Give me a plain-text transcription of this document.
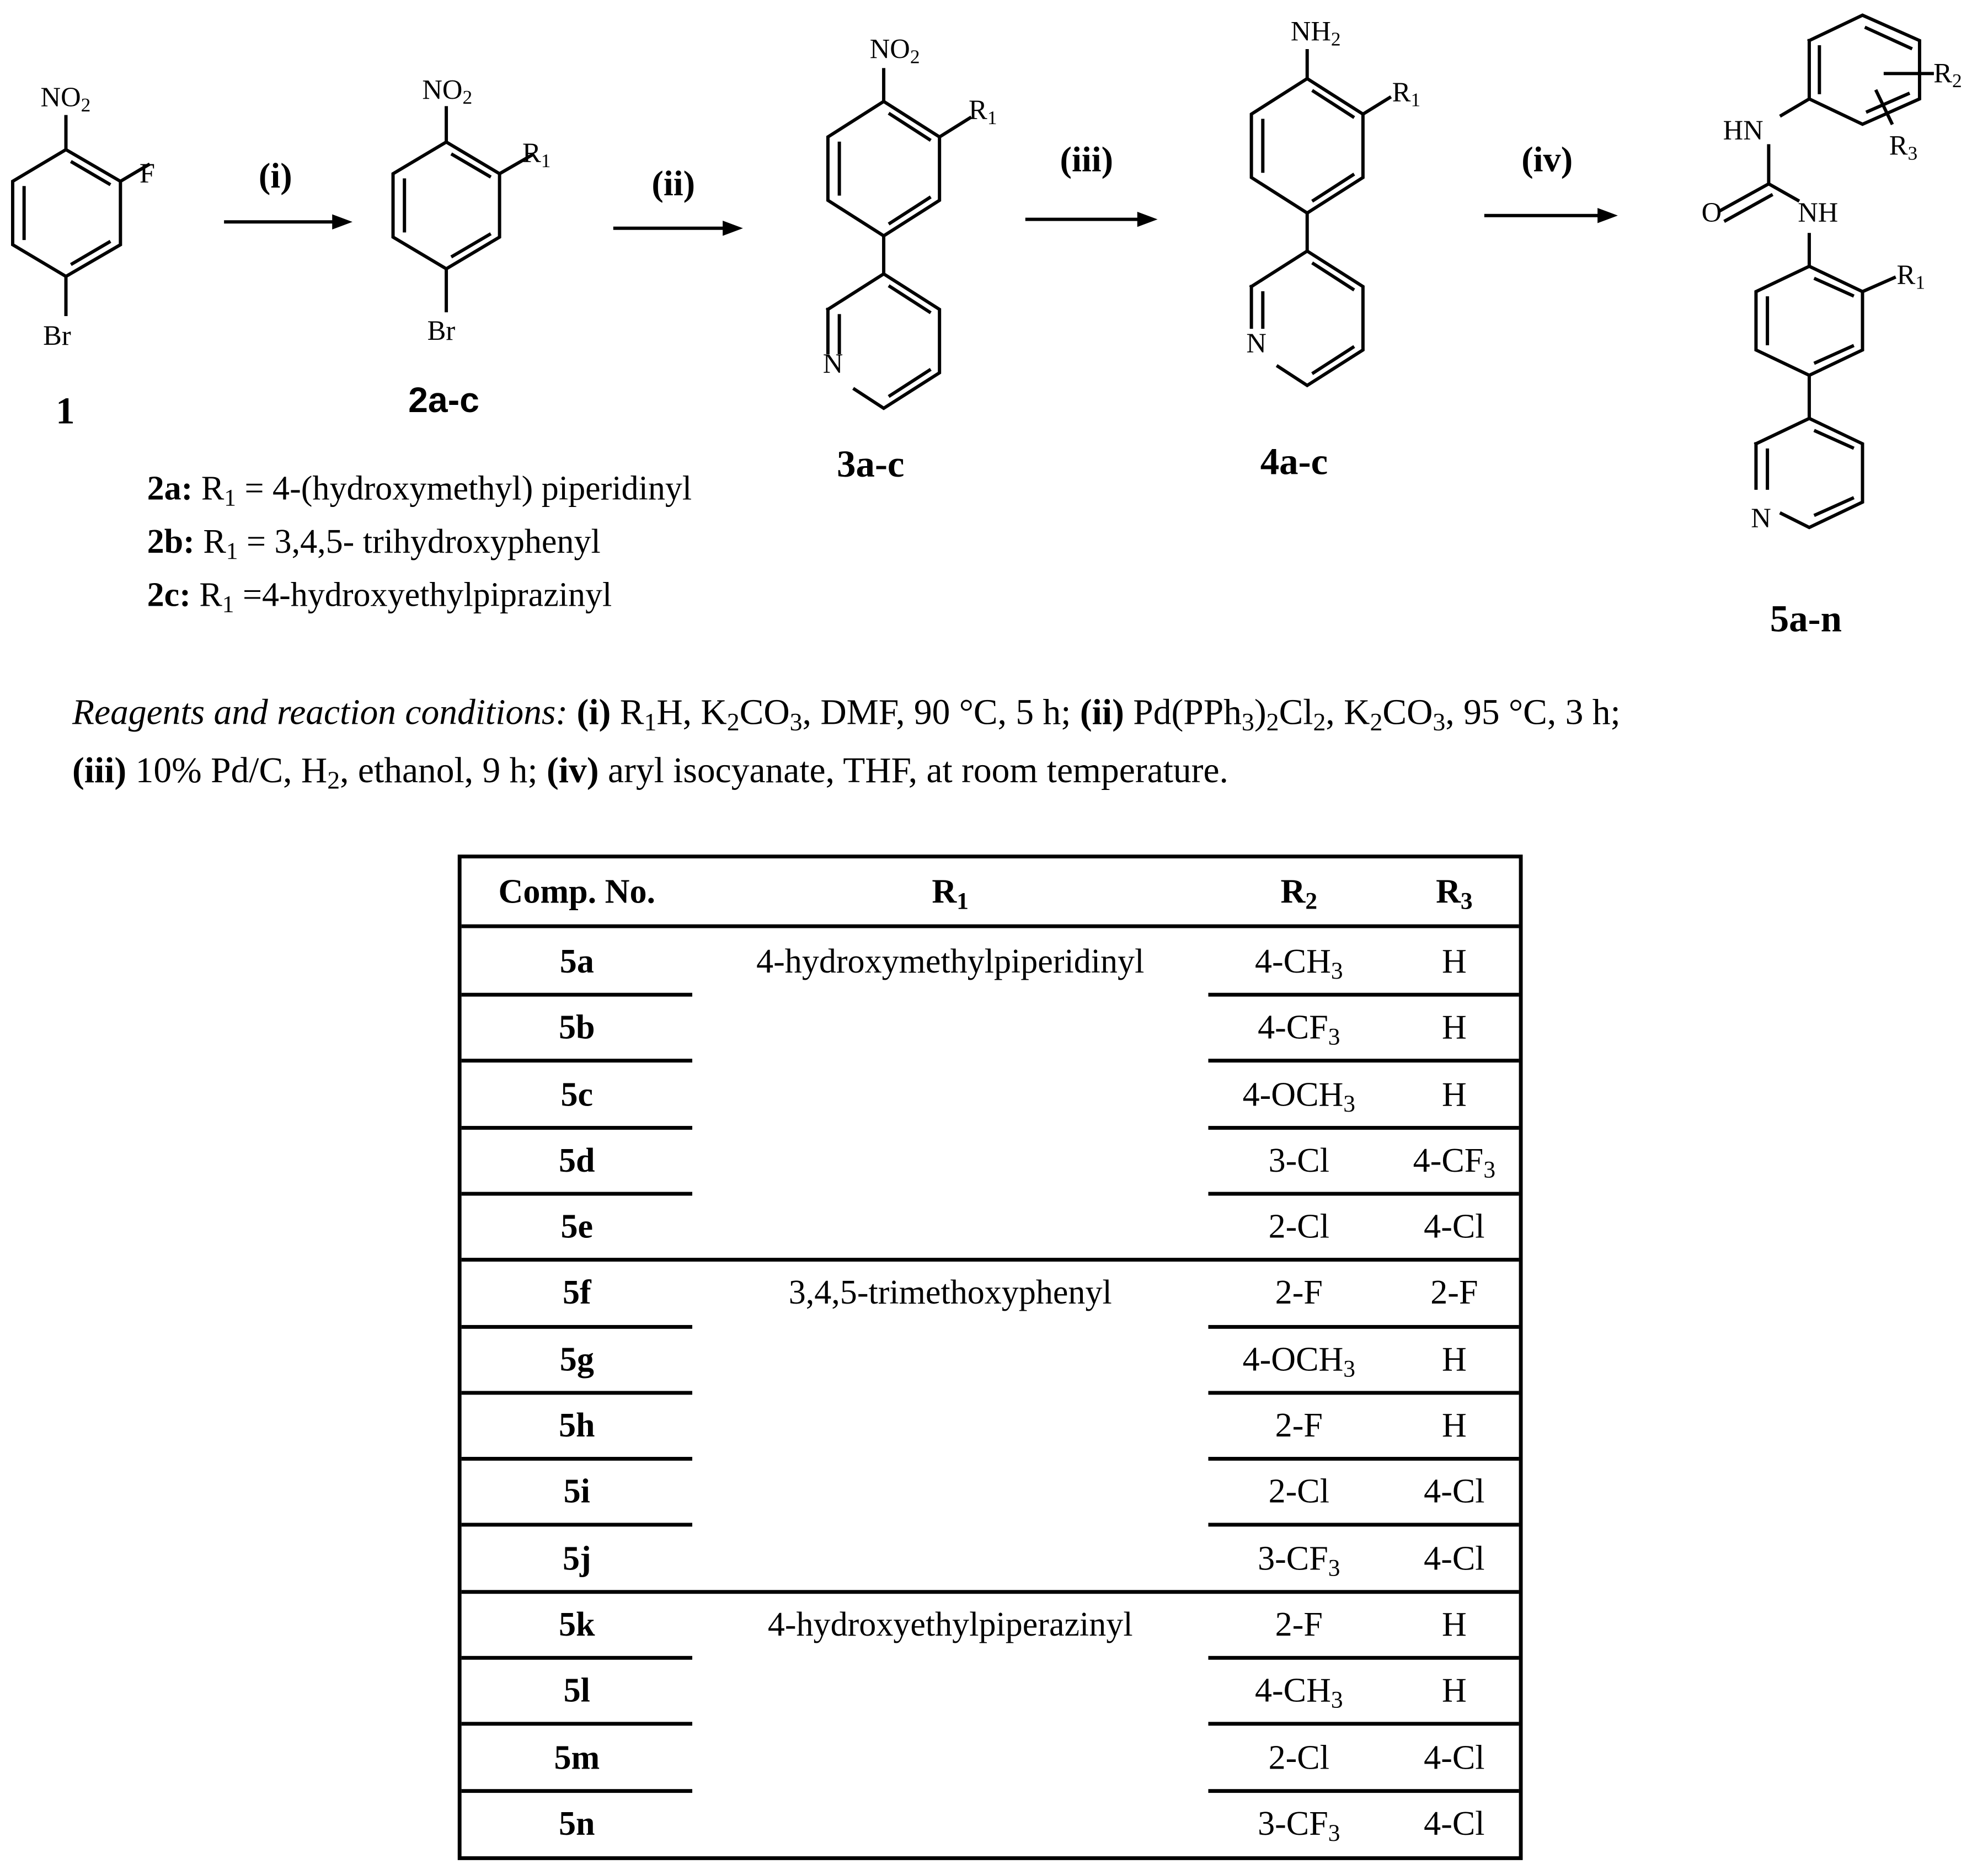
$NO_2$
F
Br
1
(i)
$NO_2$
$R_1$
Br
2a-c
(ii)
$NO_2$
$R_1$
N
3a-c
(iii)
$NH_2$
$R_1$
N
4a-c
(iv)
$R_2$
$R_3$
HN
O	NH
$R_1$
N
5a-n
2a: $R_1$ = 4-(hydroxymethyl) piperidinyl
2b: $R_1 = 3,4,5-$ trihydroxyphenyl
2c: $R_1$ =4-hydroxyethylpiprazinyl
Reagents and reaction conditions: (i) $R_1H$, $K_2CO_3$, DMF, 90 °C, 5 h; (ii) $Pd(PPh_3)_2Cl_2$, $K_2CO_3$, 95 °C, 3 h;
(iii) 10% Pd/C, $H_2$, ethanol, 9 h; (iv) aryl isocyanate, THF, at room temperature.
Comp. No.	$R_1$	$R_2$	$R_3$
5a	4-hydroxymethylpiperidinyl	$4-CH_3$	H
5b	$4-CF_3$	H
5c	$4-OCH_3$	H
5d	3-Cl	$4-CF_3$
5e	2-Cl	4-Cl
5f	3,4,5-trimethoxyphenyl	2-F	2-F
5g	$4-OCH_3$	H
5h	2-F	H
5i	2-Cl	4-Cl
5j	$3-CF_3$	4-Cl
5k	4-hydroxyethylpiperazinyl	2-F	H
5l	$4-CH_3$	H
5m	2-Cl	4-Cl
5n	$3-CF_3$	4-Cl
